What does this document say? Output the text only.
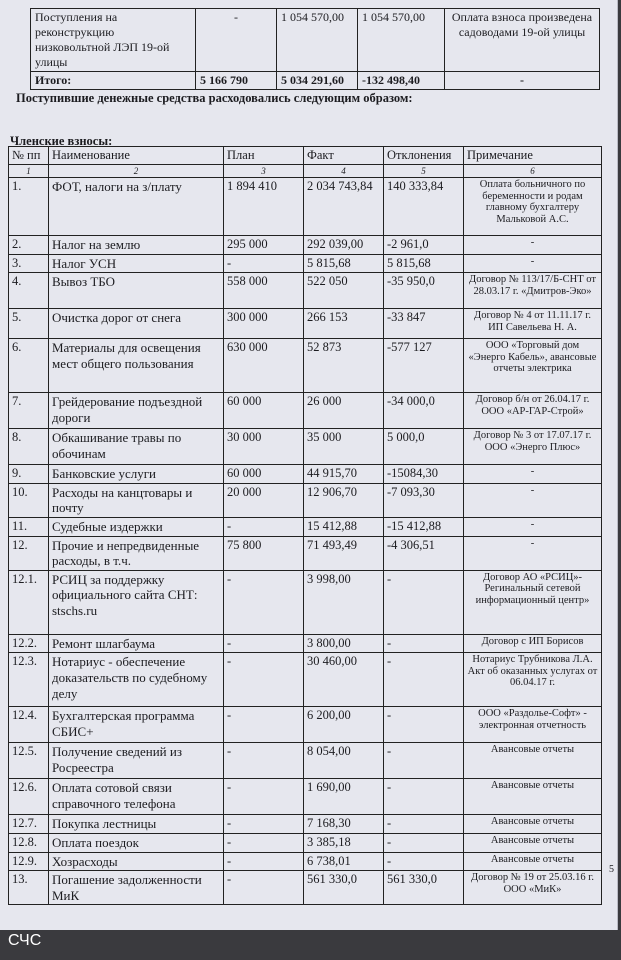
Поступления на реконструкцию низковольтной ЛЭП 19-ой улицы	-	1 054 570,00	1 054 570,00	Оплата взноса произведена садоводами 19-ой улицы
Итого:	5 166 790	5 034 291,60	-132 498,40	-
Поступившие денежные средства расходовались следующим образом:
Членские взносы:
№ пп	Наименование	План	Факт	Отклонения	Примечание
1	2	3	4	5	6
1.	ФОТ, налоги на з/плату	1 894 410	2 034 743,84	140 333,84	Оплата больничного по беременности и родам главному бухгалтеру Мальковой А.С.
2.	Налог на землю	295 000	292 039,00	-2 961,0	-
3.	Налог УСН	-	5 815,68	5 815,68	-
4.	Вывоз ТБО	558 000	522 050	-35 950,0	Договор № 113/17/Б-СНТ от 28.03.17 г. «Дмитров-Эко»
5.	Очистка дорог от снега	300 000	266 153	-33 847	Договор № 4 от 11.11.17 г. ИП Савельева Н. А.
6.	Материалы для освещения мест общего пользования	630 000	52 873	-577 127	ООО «Торговый дом «Энерго Кабель», авансовые отчеты электрика
7.	Грейдерование подъездной дороги	60 000	26 000	-34 000,0	Договор б/н от 26.04.17 г. ООО «АР-ГАР-Строй»
8.	Обкашивание травы по обочинам	30 000	35 000	5 000,0	Договор № 3 от 17.07.17 г. ООО «Энерго Плюс»
9.	Банковские услуги	60 000	44 915,70	-15084,30	-
10.	Расходы на канцтовары и почту	20 000	12 906,70	-7 093,30	-
11.	Судебные издержки	-	15 412,88	-15 412,88	-
12.	Прочие и непредвиденные расходы, в т.ч.	75 800	71 493,49	-4 306,51	-
12.1.	РСИЦ за поддержку официального сайта СНТ: stschs.ru	-	3 998,00	-	Договор АО «РСИЦ»-Регинальный сетевой информационный центр»
12.2.	Ремонт шлагбаума	-	3 800,00	-	Договор с ИП Борисов
12.3.	Нотариус - обеспечение доказательств по судебному делу	-	30 460,00	-	Нотариус Трубникова Л.А. Акт об оказанных услугах от 06.04.17 г.
12.4.	Бухгалтерская программа СБИС+	-	6 200,00	-	ООО «Раздолье-Софт» - электронная отчетность
12.5.	Получение сведений из Росреестра	-	8 054,00	-	Авансовые отчеты
12.6.	Оплата сотовой связи справочного телефона	-	1 690,00	-	Авансовые отчеты
12.7.	Покупка лестницы	-	7 168,30	-	Авансовые отчеты
12.8.	Оплата поездок	-	3 385,18	-	Авансовые отчеты
12.9.	Хозрасходы	-	6 738,01	-	Авансовые отчеты
13.	Погашение задолженности МиК	-	561 330,0	561 330,0	Договор № 19 от 25.03.16 г. ООО «МиК»
5
СЧС
